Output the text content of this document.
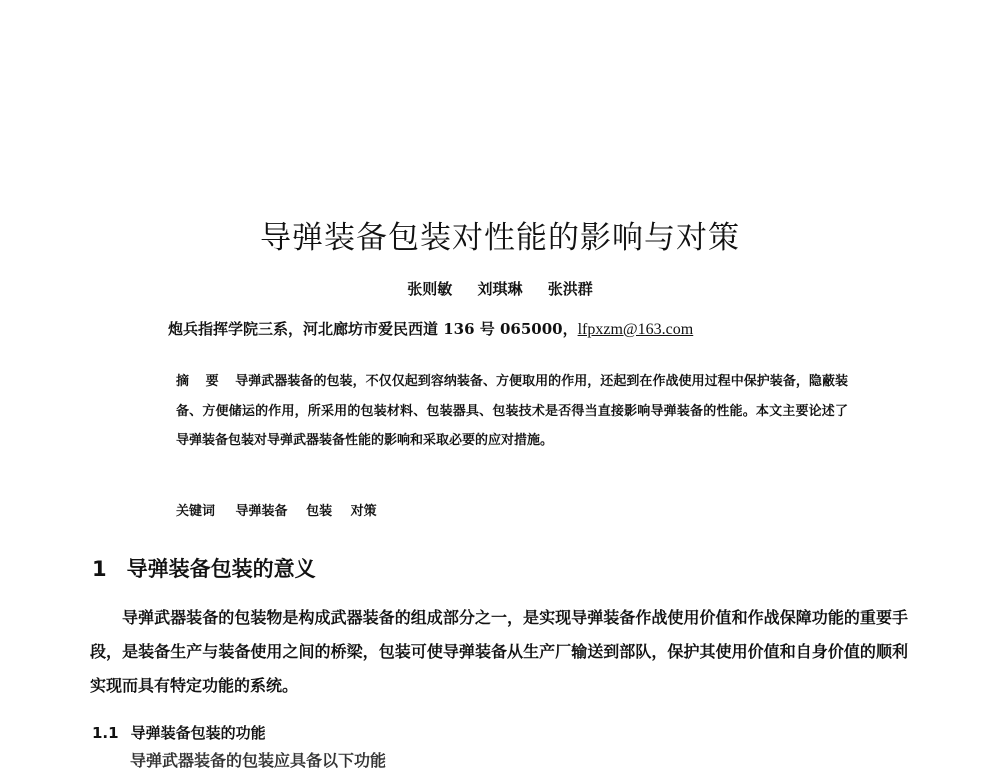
导弹装备包装对性能的影响与对策
张则敏 刘琪琳 张洪群
炮兵指挥学院三系，河北廊坊市爱民西道 136 号 065000，lfpxzm@163.com
摘 要 导弹武器装备的包装，不仅仅起到容纳装备、方便取用的作用，还起到在作战使用过程中保护装备，隐蔽装备、方便储运的作用，所采用的包装材料、包装器具、包装技术是否得当直接影响导弹装备的性能。本文主要论述了导弹装备包装对导弹武器装备性能的影响和采取必要的应对措施。
关键词 导弹装备 包装 对策
1 导弹装备包装的意义

导弹武器装备的包装物是构成武器装备的组成部分之一，是实现导弹装备作战使用价值和作战保障功能的重要手段，是装备生产与装备使用之间的桥梁，包装可使导弹装备从生产厂输送到部队，保护其使用价值和自身价值的顺利实现而具有特定功能的系统。

1.1 导弹装备包装的功能
导弹武器装备的包装应具备以下功能
